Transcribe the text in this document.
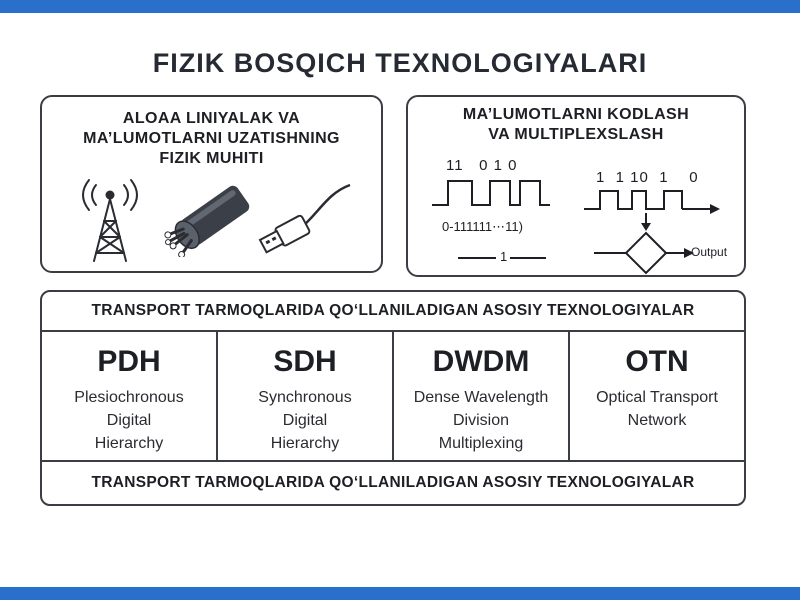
FIZIK BOSQICH TEXNOLOGIYALARI
ALOAA LINIYALAK VA
MA’LUMOTLARNI UZATISHNING
FIZIK MUHITI
MA’LUMOTLARNI KODLASH
VA MULTIPLEXSLASH
11   0 1 0
1  1 10  1    0
0-111111⋯11)
1	Output
TRANSPORT TARMOQLARIDA QO‘LLANILADIGAN ASOSIY TEXNOLOGIYALAR
PDH
Plesiochronous
Digital
Hierarchy
SDH
Synchronous
Digital
Hierarchy
DWDM
Dense Wavelength
Division
Multiplexing
OTN
Optical Transport
Network
TRANSPORT TARMOQLARIDA QO‘LLANILADIGAN ASOSIY TEXNOLOGIYALAR
